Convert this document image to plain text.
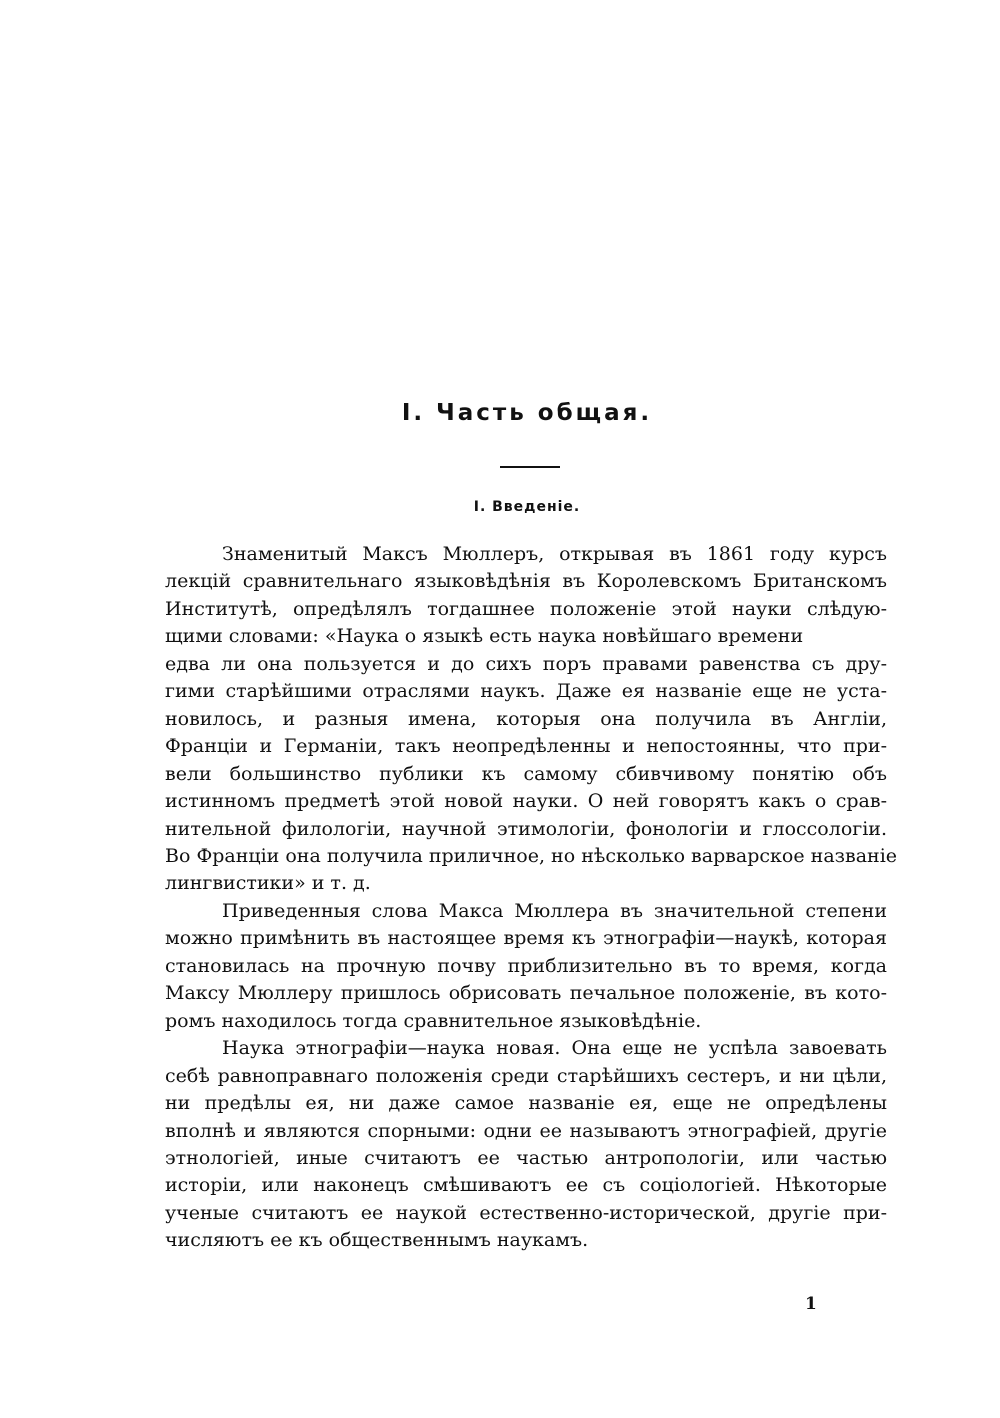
I. Часть общая.
I. Введеніе.
Знаменитый Максъ Мюллеръ, открывая въ 1861 году курсъ
лекцій сравнительнаго языковѣдѣнія въ Королевскомъ Британскомъ
Институтѣ, опредѣлялъ тогдашнее положеніе этой науки слѣдую-
щими словами: «Наука о языкѣ есть наука новѣйшаго времени
едва ли она пользуется и до сихъ поръ правами равенства съ дру-
гими старѣйшими отраслями наукъ. Даже ея названіе еще не уста-
новилось, и разныя имена, которыя она получила въ Англіи,
Франціи и Германіи, такъ неопредѣленны и непостоянны, что при-
вели большинство публики къ самому сбивчивому понятію объ
истинномъ предметѣ этой новой науки. О ней говорятъ какъ о срав-
нительной филологіи, научной этимологіи, фонологіи и глоссологіи.
Во Франціи она получила приличное, но нѣсколько варварское названіе
лингвистики» и т. д.
Приведенныя слова Макса Мюллера въ значительной степени
можно примѣнить въ настоящее время къ этнографіи—наукѣ, которая
становилась на прочную почву приблизительно въ то время, когда
Максу Мюллеру пришлось обрисовать печальное положеніе, въ кото-
ромъ находилось тогда сравнительное языковѣдѣніе.
Наука этнографіи—наука новая. Она еще не успѣла завоевать
себѣ равноправнаго положенія среди старѣйшихъ сестеръ, и ни цѣли,
ни предѣлы ея, ни даже самое названіе ея, еще не опредѣлены
вполнѣ и являются спорными: одни ее называютъ этнографіей, другіе
этнологіей, иные считаютъ ее частью антропологіи, или частью
исторіи, или наконецъ смѣшиваютъ ее съ соціологіей. Нѣкоторые
ученые считаютъ ее наукой естественно-исторической, другіе при-
числяютъ ее къ общественнымъ наукамъ.
1
